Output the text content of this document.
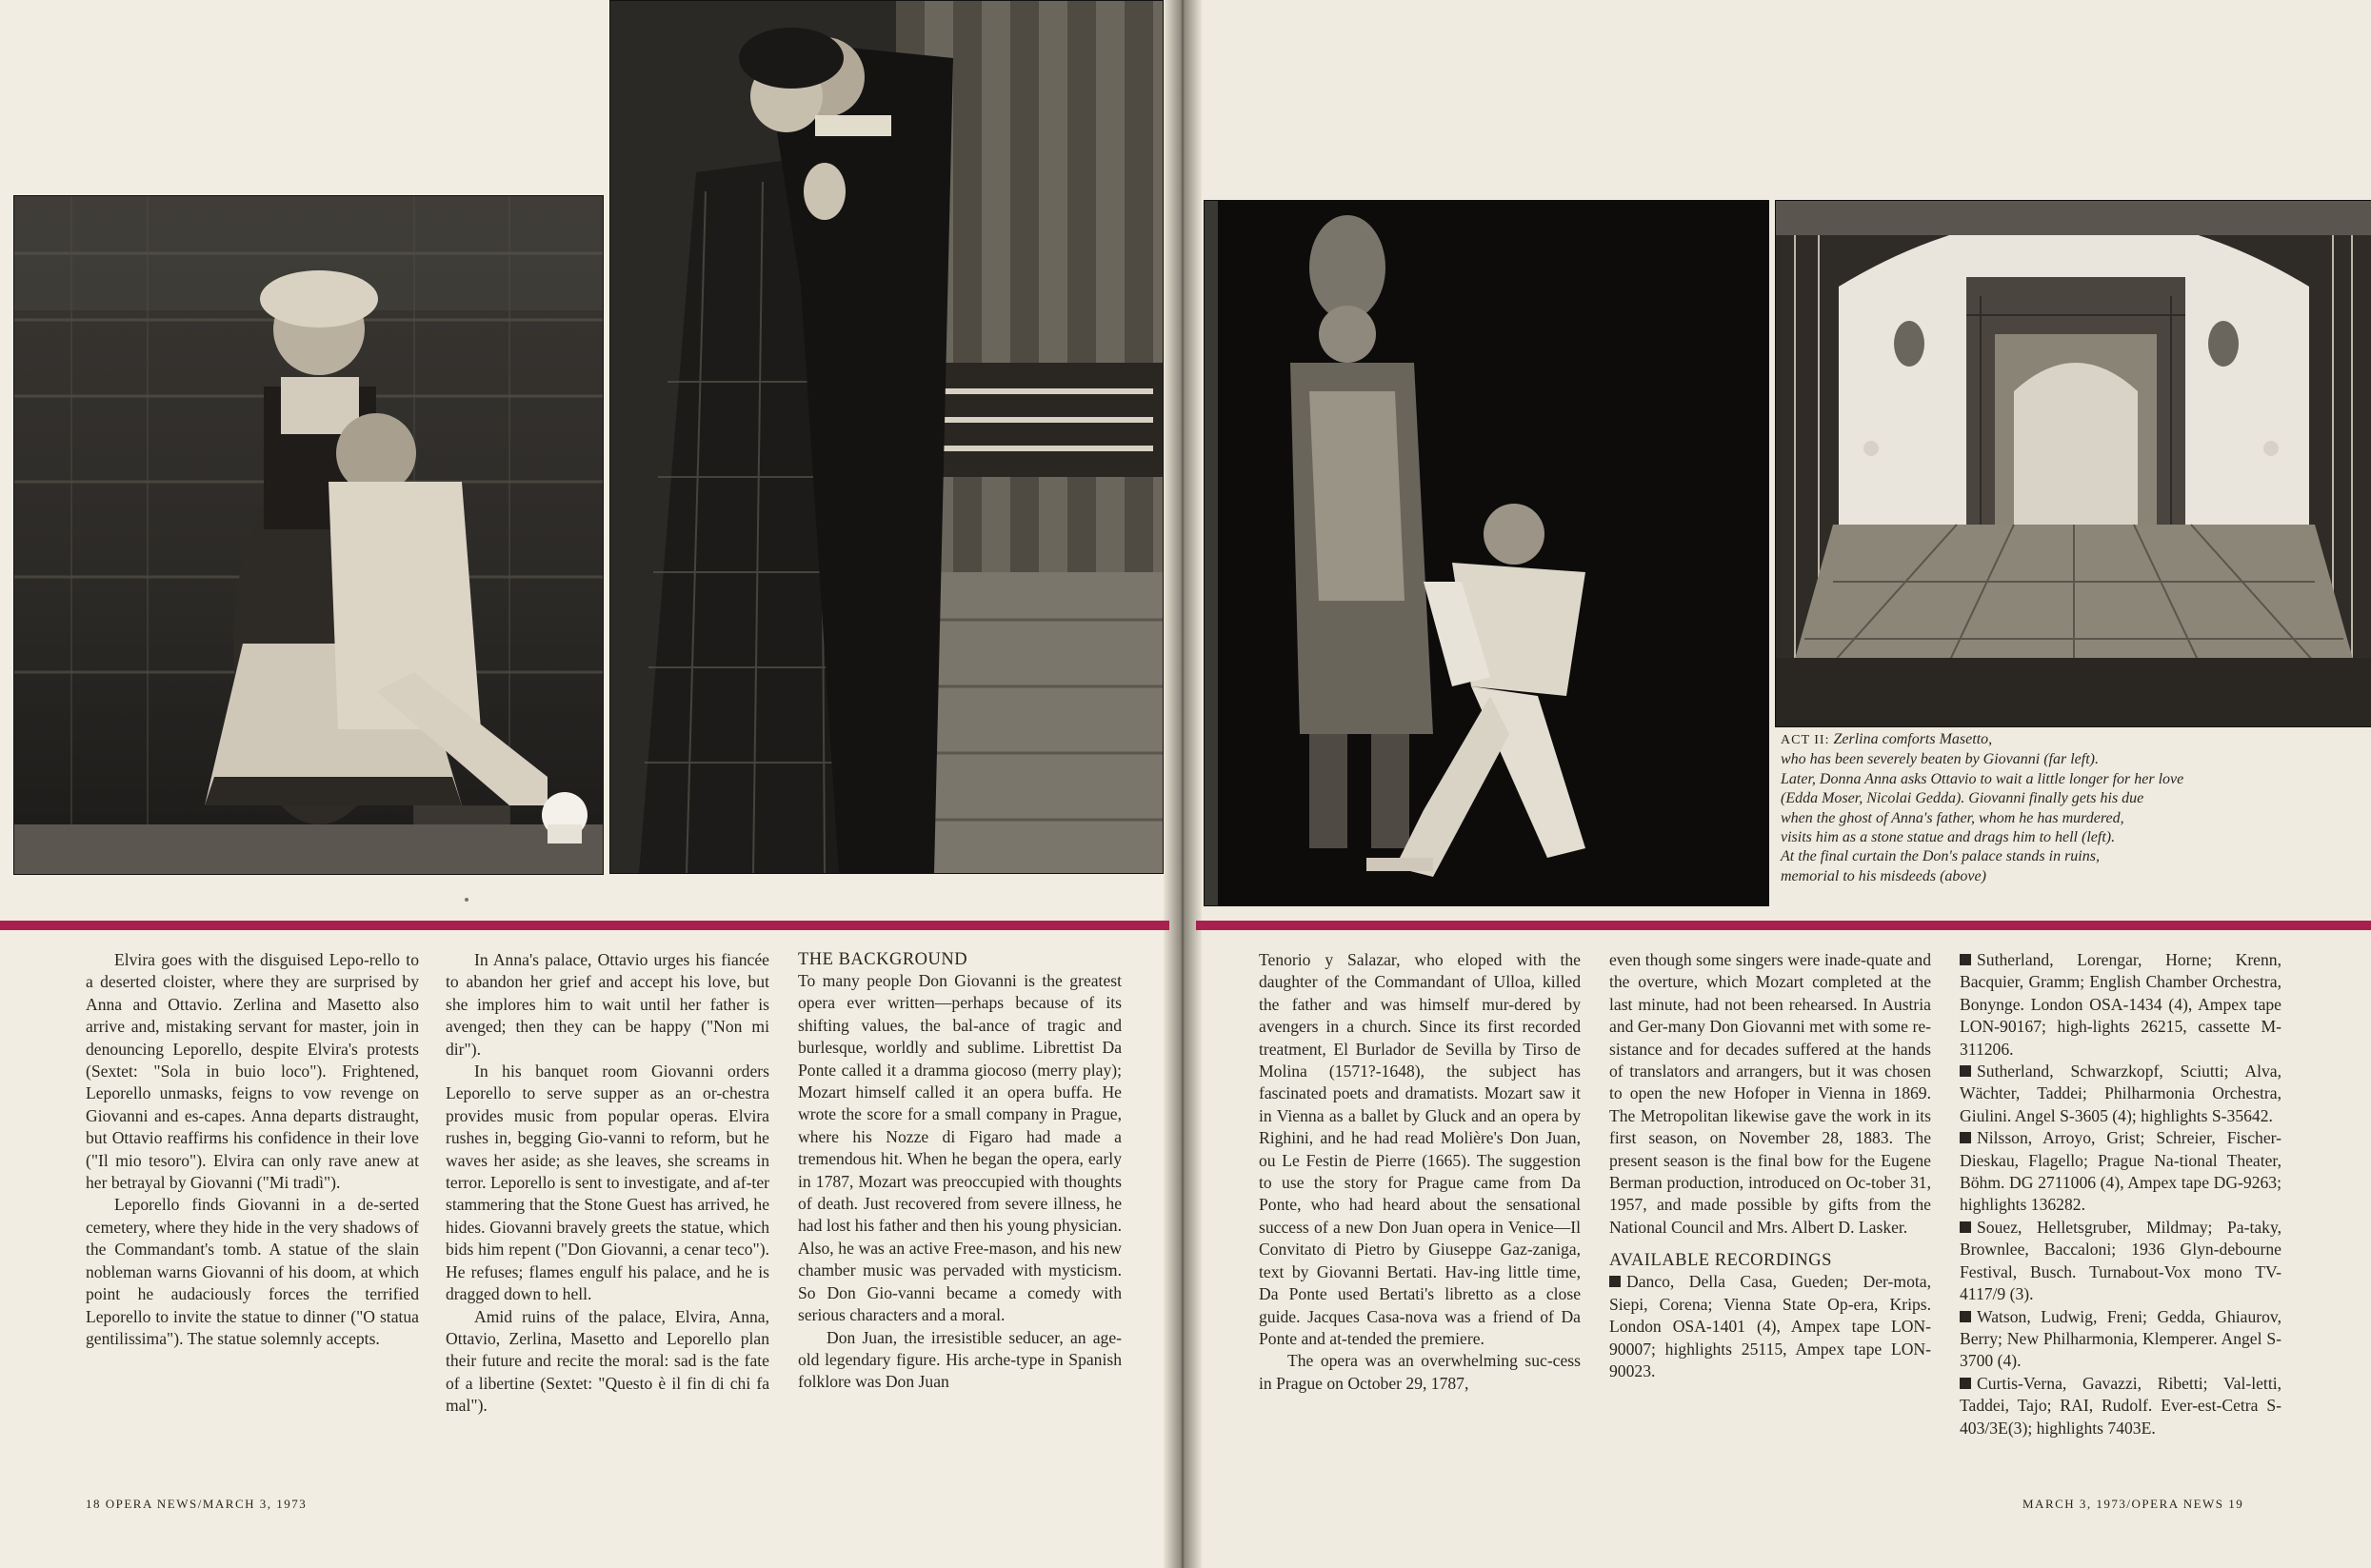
ACT II: Zerlina comforts Masetto,
who has been severely beaten by Giovanni (far left).
Later, Donna Anna asks Ottavio to wait a little longer for her love
(Edda Moser, Nicolai Gedda). Giovanni finally gets his due
when the ghost of Anna's father, whom he has murdered,
visits him as a stone statue and drags him to hell (left).
At the final curtain the Don's palace stands in ruins,
memorial to his misdeeds (above)

Elvira goes with the disguised Lepo-rello to a deserted cloister, where they are surprised by Anna and Ottavio. Zerlina and Masetto also arrive and, mistaking servant for master, join in denouncing Leporello, despite Elvira's protests (Sextet: "Sola in buio loco"). Frightened, Leporello unmasks, feigns to vow revenge on Giovanni and es-capes. Anna departs distraught, but Ottavio reaffirms his confidence in their love ("Il mio tesoro"). Elvira can only rave anew at her betrayal by Giovanni ("Mi tradì").

Leporello finds Giovanni in a de-serted cemetery, where they hide in the very shadows of the Commandant's tomb. A statue of the slain nobleman warns Giovanni of his doom, at which point he audaciously forces the terrified Leporello to invite the statue to dinner ("O statua gentilissima"). The statue solemnly accepts.

In Anna's palace, Ottavio urges his fiancée to abandon her grief and accept his love, but she implores him to wait until her father is avenged; then they can be happy ("Non mi dir").

In his banquet room Giovanni orders Leporello to serve supper as an or-chestra provides music from popular operas. Elvira rushes in, begging Gio-vanni to reform, but he waves her aside; as she leaves, she screams in terror. Leporello is sent to investigate, and af-ter stammering that the Stone Guest has arrived, he hides. Giovanni bravely greets the statue, which bids him repent ("Don Giovanni, a cenar teco"). He refuses; flames engulf his palace, and he is dragged down to hell.

Amid ruins of the palace, Elvira, Anna, Ottavio, Zerlina, Masetto and Leporello plan their future and recite the moral: sad is the fate of a libertine (Sextet: "Questo è il fin di chi fa mal").

THE BACKGROUND

To many people Don Giovanni is the greatest opera ever written—perhaps because of its shifting values, the bal-ance of tragic and burlesque, worldly and sublime. Librettist Da Ponte called it a dramma giocoso (merry play); Mozart himself called it an opera buffa. He wrote the score for a small company in Prague, where his Nozze di Figaro had made a tremendous hit. When he began the opera, early in 1787, Mozart was preoccupied with thoughts of death. Just recovered from severe illness, he had lost his father and then his young physician. Also, he was an active Free-mason, and his new chamber music was pervaded with mysticism. So Don Gio-vanni became a comedy with serious characters and a moral.

Don Juan, the irresistible seducer, an age-old legendary figure. His arche-type in Spanish folklore was Don Juan

Tenorio y Salazar, who eloped with the daughter of the Commandant of Ulloa, killed the father and was himself mur-dered by avengers in a church. Since its first recorded treatment, El Burlador de Sevilla by Tirso de Molina (1571?-1648), the subject has fascinated poets and dramatists. Mozart saw it in Vienna as a ballet by Gluck and an opera by Righini, and he had read Molière's Don Juan, ou Le Festin de Pierre (1665). The suggestion to use the story for Prague came from Da Ponte, who had heard about the sensational success of a new Don Juan opera in Venice—Il Convitato di Pietro by Giuseppe Gaz-zaniga, text by Giovanni Bertati. Hav-ing little time, Da Ponte used Bertati's libretto as a close guide. Jacques Casa-nova was a friend of Da Ponte and at-tended the premiere.

The opera was an overwhelming suc-cess in Prague on October 29, 1787,

even though some singers were inade-quate and the overture, which Mozart completed at the last minute, had not been rehearsed. In Austria and Ger-many Don Giovanni met with some re-sistance and for decades suffered at the hands of translators and arrangers, but it was chosen to open the new Hofoper in Vienna in 1869. The Metropolitan likewise gave the work in its first season, on November 28, 1883. The present season is the final bow for the Eugene Berman production, introduced on Oc-tober 31, 1957, and made possible by gifts from the National Council and Mrs. Albert D. Lasker.

AVAILABLE RECORDINGS

Danco, Della Casa, Gueden; Der-mota, Siepi, Corena; Vienna State Op-era, Krips. London OSA-1401 (4), Ampex tape LON-90007; highlights 25115, Ampex tape LON-90023.

Sutherland, Lorengar, Horne; Krenn, Bacquier, Gramm; English Chamber Orchestra, Bonynge. London OSA-1434 (4), Ampex tape LON-90167; high-lights 26215, cassette M-311206.

Sutherland, Schwarzkopf, Sciutti; Alva, Wächter, Taddei; Philharmonia Orchestra, Giulini. Angel S-3605 (4); highlights S-35642.

Nilsson, Arroyo, Grist; Schreier, Fischer-Dieskau, Flagello; Prague Na-tional Theater, Böhm. DG 2711006 (4), Ampex tape DG-9263; highlights 136282.

Souez, Helletsgruber, Mildmay; Pa-taky, Brownlee, Baccaloni; 1936 Glyn-debourne Festival, Busch. Turnabout-Vox mono TV-4117/9 (3).

Watson, Ludwig, Freni; Gedda, Ghiaurov, Berry; New Philharmonia, Klemperer. Angel S-3700 (4).

Curtis-Verna, Gavazzi, Ribetti; Val-letti, Taddei, Tajo; RAI, Rudolf. Ever-est-Cetra S-403/3E(3); highlights 7403E.

18 OPERA NEWS/MARCH 3, 1973	MARCH 3, 1973/OPERA NEWS 19
